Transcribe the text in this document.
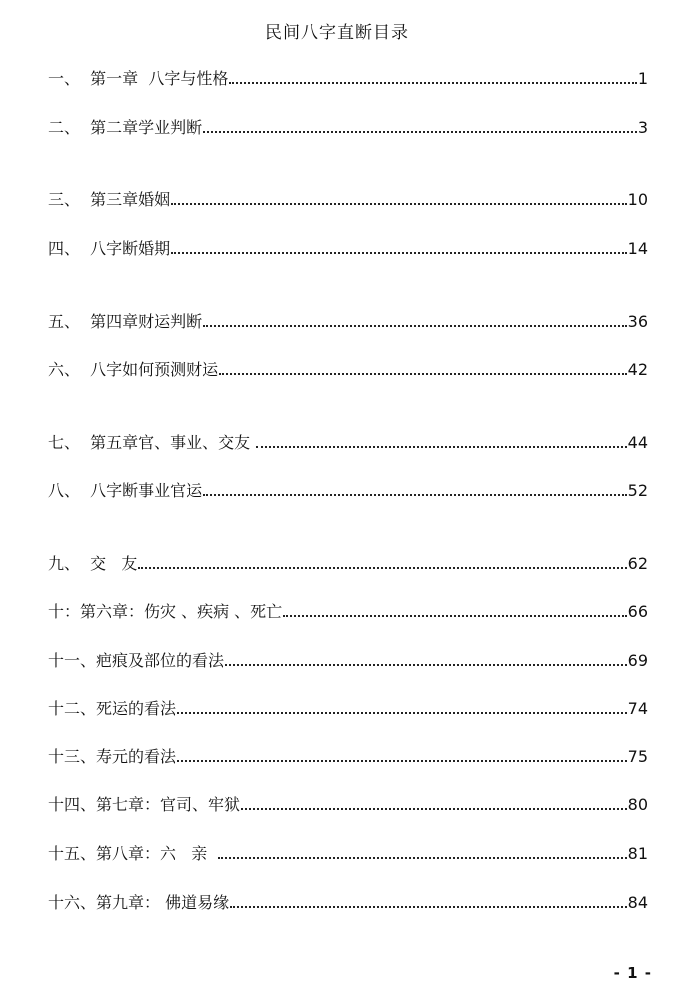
民间八字直断目录
一、  第一章  八字与性格	1
二、  第二章学业判断	3
三、  第三章婚姻	10
四、  八字断婚期	14
五、  第四章财运判断	36
六、  八字如何预测财运	42
七、  第五章官、事业、交友	44
八、  八字断事业官运	52
九、  交   友	62
十：第六章：伤灾 、疾病 、死亡	66
十一、疤痕及部位的看法	69
十二、死运的看法	74
十三、寿元的看法	75
十四、第七章：官司、牢狱	80
十五、第八章：六   亲	81
十六、第九章： 佛道易缘	84
- 1 -
